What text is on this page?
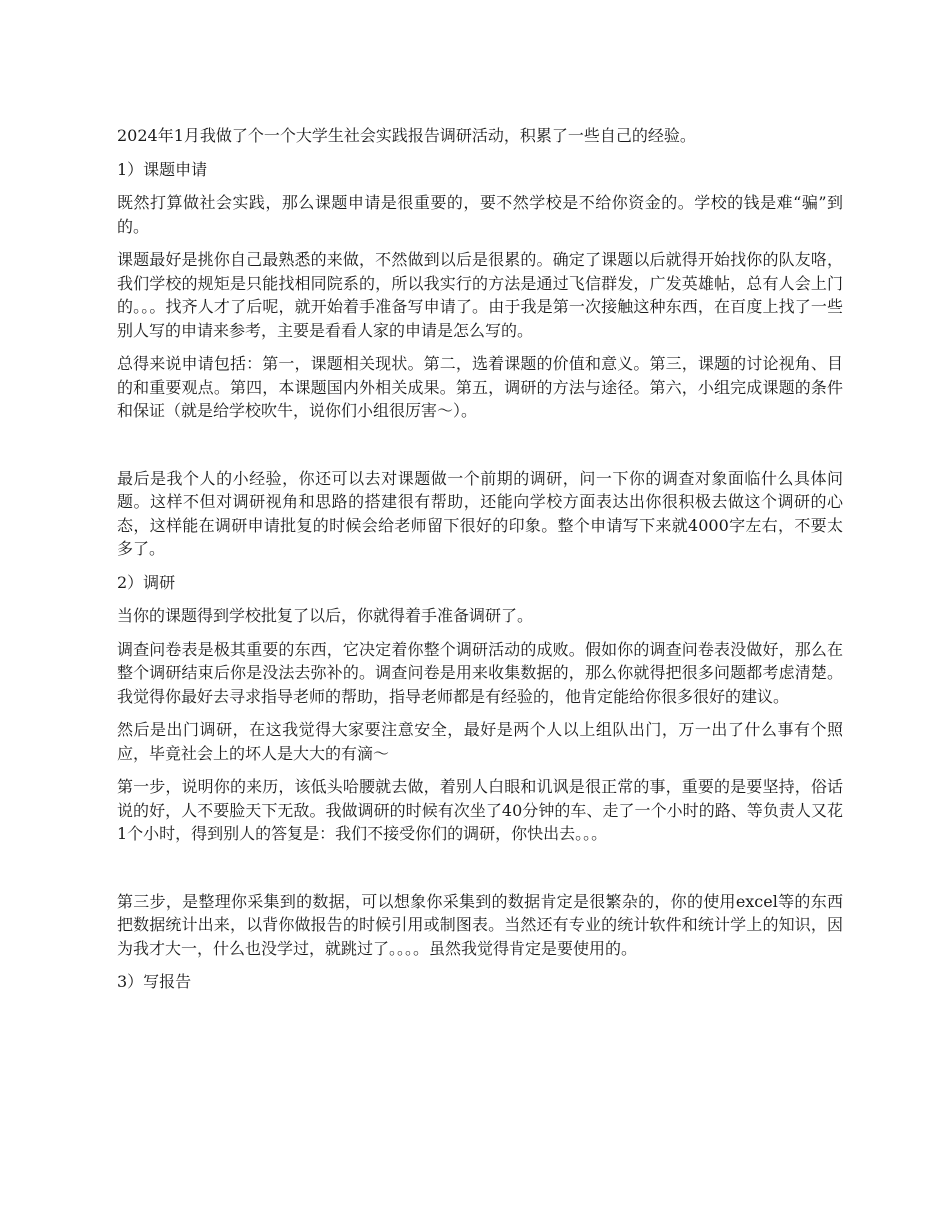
2024年1月我做了个一个大学生社会实践报告调研活动，积累了一些自己的经验。

1）课题申请

既然打算做社会实践，那么课题申请是很重要的，要不然学校是不给你资金的。学校的钱是难“骗”到的。

课题最好是挑你自己最熟悉的来做，不然做到以后是很累的。确定了课题以后就得开始找你的队友咯，我们学校的规矩是只能找相同院系的，所以我实行的方法是通过飞信群发，广发英雄帖，总有人会上门的。。。找齐人才了后呢，就开始着手准备写申请了。由于我是第一次接触这种东西，在百度上找了一些别人写的申请来参考，主要是看看人家的申请是怎么写的。

总得来说申请包括：第一，课题相关现状。第二，选着课题的价值和意义。第三，课题的讨论视角、目的和重要观点。第四，本课题国内外相关成果。第五，调研的方法与途径。第六，小组完成课题的条件和保证（就是给学校吹牛，说你们小组很厉害～）。

最后是我个人的小经验，你还可以去对课题做一个前期的调研，问一下你的调查对象面临什么具体问题。这样不但对调研视角和思路的搭建很有帮助，还能向学校方面表达出你很积极去做这个调研的心态，这样能在调研申请批复的时候会给老师留下很好的印象。整个申请写下来就4000字左右，不要太多了。

2）调研

当你的课题得到学校批复了以后，你就得着手准备调研了。

调查问卷表是极其重要的东西，它决定着你整个调研活动的成败。假如你的调查问卷表没做好，那么在整个调研结束后你是没法去弥补的。调查问卷是用来收集数据的，那么你就得把很多问题都考虑清楚。我觉得你最好去寻求指导老师的帮助，指导老师都是有经验的，他肯定能给你很多很好的建议。

然后是出门调研，在这我觉得大家要注意安全，最好是两个人以上组队出门，万一出了什么事有个照应，毕竟社会上的坏人是大大的有滴～

第一步，说明你的来历，该低头哈腰就去做，着别人白眼和讥讽是很正常的事，重要的是要坚持，俗话说的好，人不要脸天下无敌。我做调研的时候有次坐了40分钟的车、走了一个小时的路、等负责人又花1个小时，得到别人的答复是：我们不接受你们的调研，你快出去。。。

第三步，是整理你采集到的数据，可以想象你采集到的数据肯定是很繁杂的，你的使用excel等的东西把数据统计出来，以背你做报告的时候引用或制图表。当然还有专业的统计软件和统计学上的知识，因为我才大一，什么也没学过，就跳过了。。。。虽然我觉得肯定是要使用的。

3）写报告
